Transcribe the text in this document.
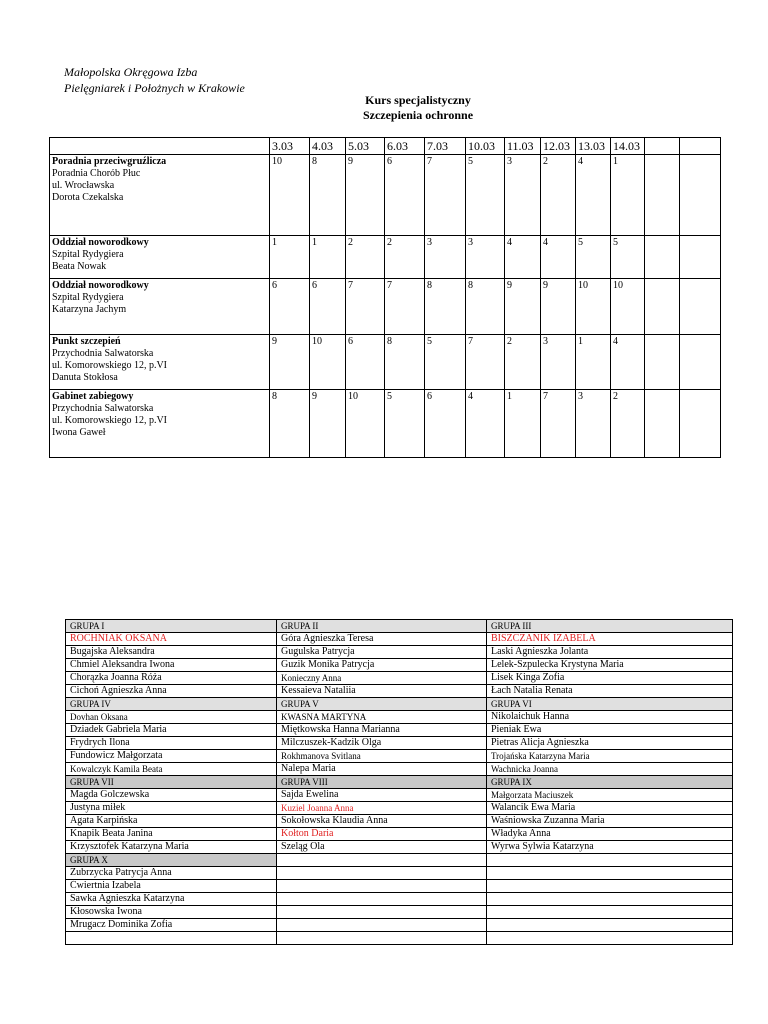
Małopolska Okręgowa Izba
Pielęgniarek i Położnych w Krakowie
Kurs specjalistyczny
Szczepienia ochronne
	3.03	4.03	5.03	6.03	7.03	10.03	11.03	12.03	13.03	14.03		
Poradnia przeciwgruźlicza
Poradnia Chorób Płuc
ul. Wrocławska
Dorota Czekalska	10	8	9	6	7	5	3	2	4	1		
Oddział noworodkowy
Szpital Rydygiera
Beata Nowak	1	1	2	2	3	3	4	4	5	5		
Oddział noworodkowy
Szpital Rydygiera
Katarzyna Jachym	6	6	7	7	8	8	9	9	10	10		
Punkt szczepień
Przychodnia Salwatorska
ul. Komorowskiego 12, p.VI
Danuta Stokłosa	9	10	6	8	5	7	2	3	1	4		
Gabinet zabiegowy
Przychodnia Salwatorska
ul. Komorowskiego 12, p.VI
Iwona Gaweł	8	9	10	5	6	4	1	7	3	2		
GRUPA I	GRUPA II	GRUPA III
ROCHNIAK OKSANA	Góra Agnieszka Teresa	BISZCZANIK IZABELA
Bugajska Aleksandra	Gugulska Patrycja	Laski Agnieszka Jolanta
Chmiel Aleksandra Iwona	Guzik Monika Patrycja	Lelek-Szpulecka Krystyna Maria
Chorązka Joanna Róża	Konieczny Anna	Lisek Kinga Zofia
Cichoń Agnieszka Anna	Kessaieva Nataliia	Łach Natalia Renata
GRUPA IV	GRUPA V	GRUPA VI
Dovhan Oksana	KWASNA MARTYNA	Nikolaichuk Hanna
Dziadek Gabriela Maria	Miętkowska Hanna Marianna	Pieniak Ewa
Frydrych Ilona	Milczuszek-Kadzik Olga	Pietras Alicja Agnieszka
Fundowicz Małgorzata	Rokhmanova Svitlana	Trojańska Katarzyna Maria
Kowalczyk Kamila Beata	Nalepa Maria	Wachnicka Joanna
GRUPA VII	GRUPA VIII	GRUPA IX
Magda Golczewska	Sajda Ewelina	Małgorzata Maciuszek
Justyna miłek	Kuziel Joanna Anna	Walancik Ewa Maria
Agata Karpińska	Sokołowska Klaudia Anna	Waśniowska Zuzanna Maria
Knapik Beata Janina	Kołton Daria	Władyka Anna
Krzysztofek Katarzyna Maria	Szeląg Ola	Wyrwa Sylwia Katarzyna
GRUPA X		
Zubrzycka Patrycja Anna		
Ćwiertnia Izabela		
Sawka Agnieszka Katarzyna		
Kłosowska Iwona		
Mrugacz Dominika Zofia		
